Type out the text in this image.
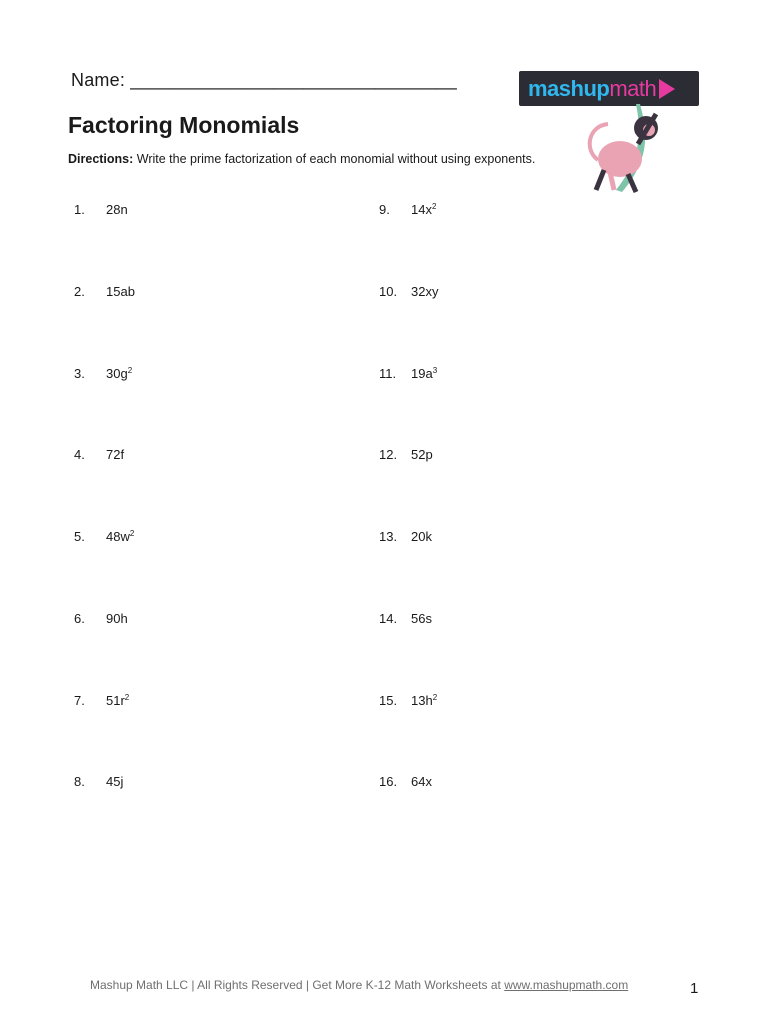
Name: ________________________________	mashupmath
Factoring Monomials
Directions: Write the prime factorization of each monomial without using exponents.
1. 28n
2. 15ab
3. $30g^2$
4. 72f
5. $48w^2$
6. 90h
7. $51r^2$
8. 45j
9. $14x^2$
10. 32xy
11. $19a^3$
12. 52p
13. 20k
14. 56s
15. $13h^2$
16. 64x
Mashup Math LLC | All Rights Reserved | Get More K-12 Math Worksheets at www.mashupmath.com	1
